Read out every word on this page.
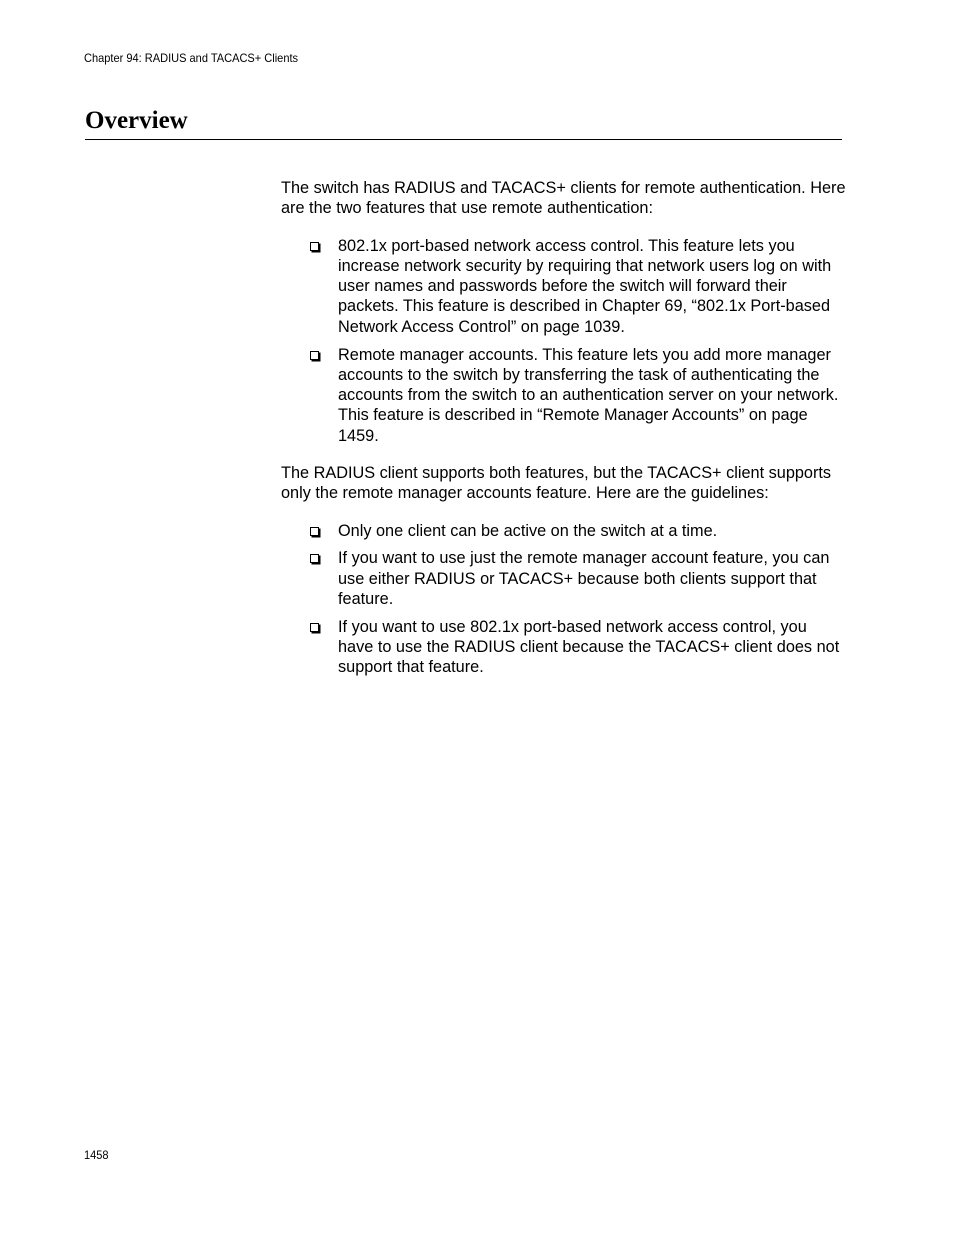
Chapter 94: RADIUS and TACACS+ Clients
Overview

The switch has RADIUS and TACACS+ clients for remote authentication. Here are the two features that use remote authentication:

802.1x port-based network access control. This feature lets you increase network security by requiring that network users log on with user names and passwords before the switch will forward their packets. This feature is described in Chapter 69, “802.1x Port-based Network Access Control” on page 1039.
Remote manager accounts. This feature lets you add more manager accounts to the switch by transferring the task of authenticating the accounts from the switch to an authentication server on your network. This feature is described in “Remote Manager Accounts” on page 1459.

The RADIUS client supports both features, but the TACACS+ client supports only the remote manager accounts feature. Here are the guidelines:

Only one client can be active on the switch at a time.
If you want to use just the remote manager account feature, you can use either RADIUS or TACACS+ because both clients support that feature.
If you want to use 802.1x port-based network access control, you have to use the RADIUS client because the TACACS+ client does not support that feature.
1458
